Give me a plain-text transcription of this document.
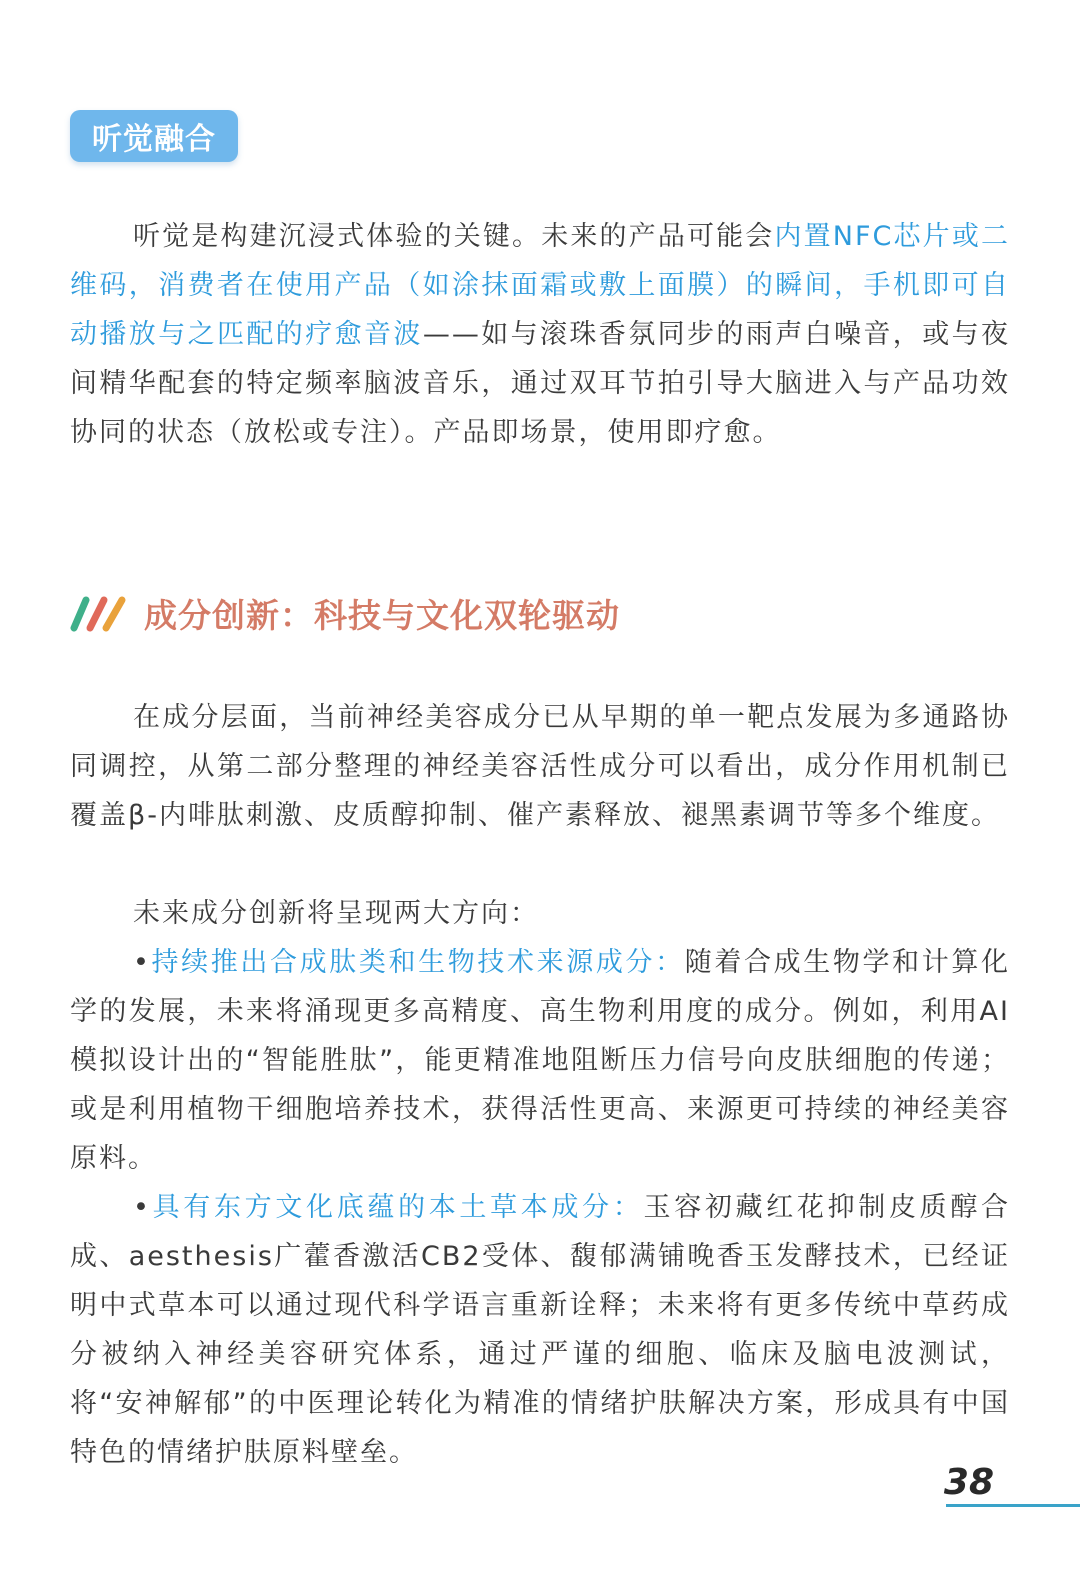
听觉融合

听觉是构建沉浸式体验的关键。未来的产品可能会内置NFC芯片或二维码，消费者在使用产品（如涂抹面霜或敷上面膜）的瞬间，手机即可自动播放与之匹配的疗愈音波——如与滚珠香氛同步的雨声白噪音，或与夜间精华配套的特定频率脑波音乐，通过双耳节拍引导大脑进入与产品功效协同的状态（放松或专注）。产品即场景，使用即疗愈。

成分创新：科技与文化双轮驱动

在成分层面，当前神经美容成分已从早期的单一靶点发展为多通路协同调控，从第二部分整理的神经美容活性成分可以看出，成分作用机制已覆盖β-内啡肽刺激、皮质醇抑制、催产素释放、褪黑素调节等多个维度。

未来成分创新将呈现两大方向：

•持续推出合成肽类和生物技术来源成分：随着合成生物学和计算化学的发展，未来将涌现更多高精度、高生物利用度的成分。例如，利用AI模拟设计出的“智能胜肽”，能更精准地阻断压力信号向皮肤细胞的传递；或是利用植物干细胞培养技术，获得活性更高、来源更可持续的神经美容原料。

•具有东方文化底蕴的本土草本成分：玉容初藏红花抑制皮质醇合成、aesthesis广藿香激活CB2受体、馥郁满铺晚香玉发酵技术，已经证明中式草本可以通过现代科学语言重新诠释；未来将有更多传统中草药成分被纳入神经美容研究体系，通过严谨的细胞、临床及脑电波测试，将“安神解郁”的中医理论转化为精准的情绪护肤解决方案，形成具有中国特色的情绪护肤原料壁垒。

38
